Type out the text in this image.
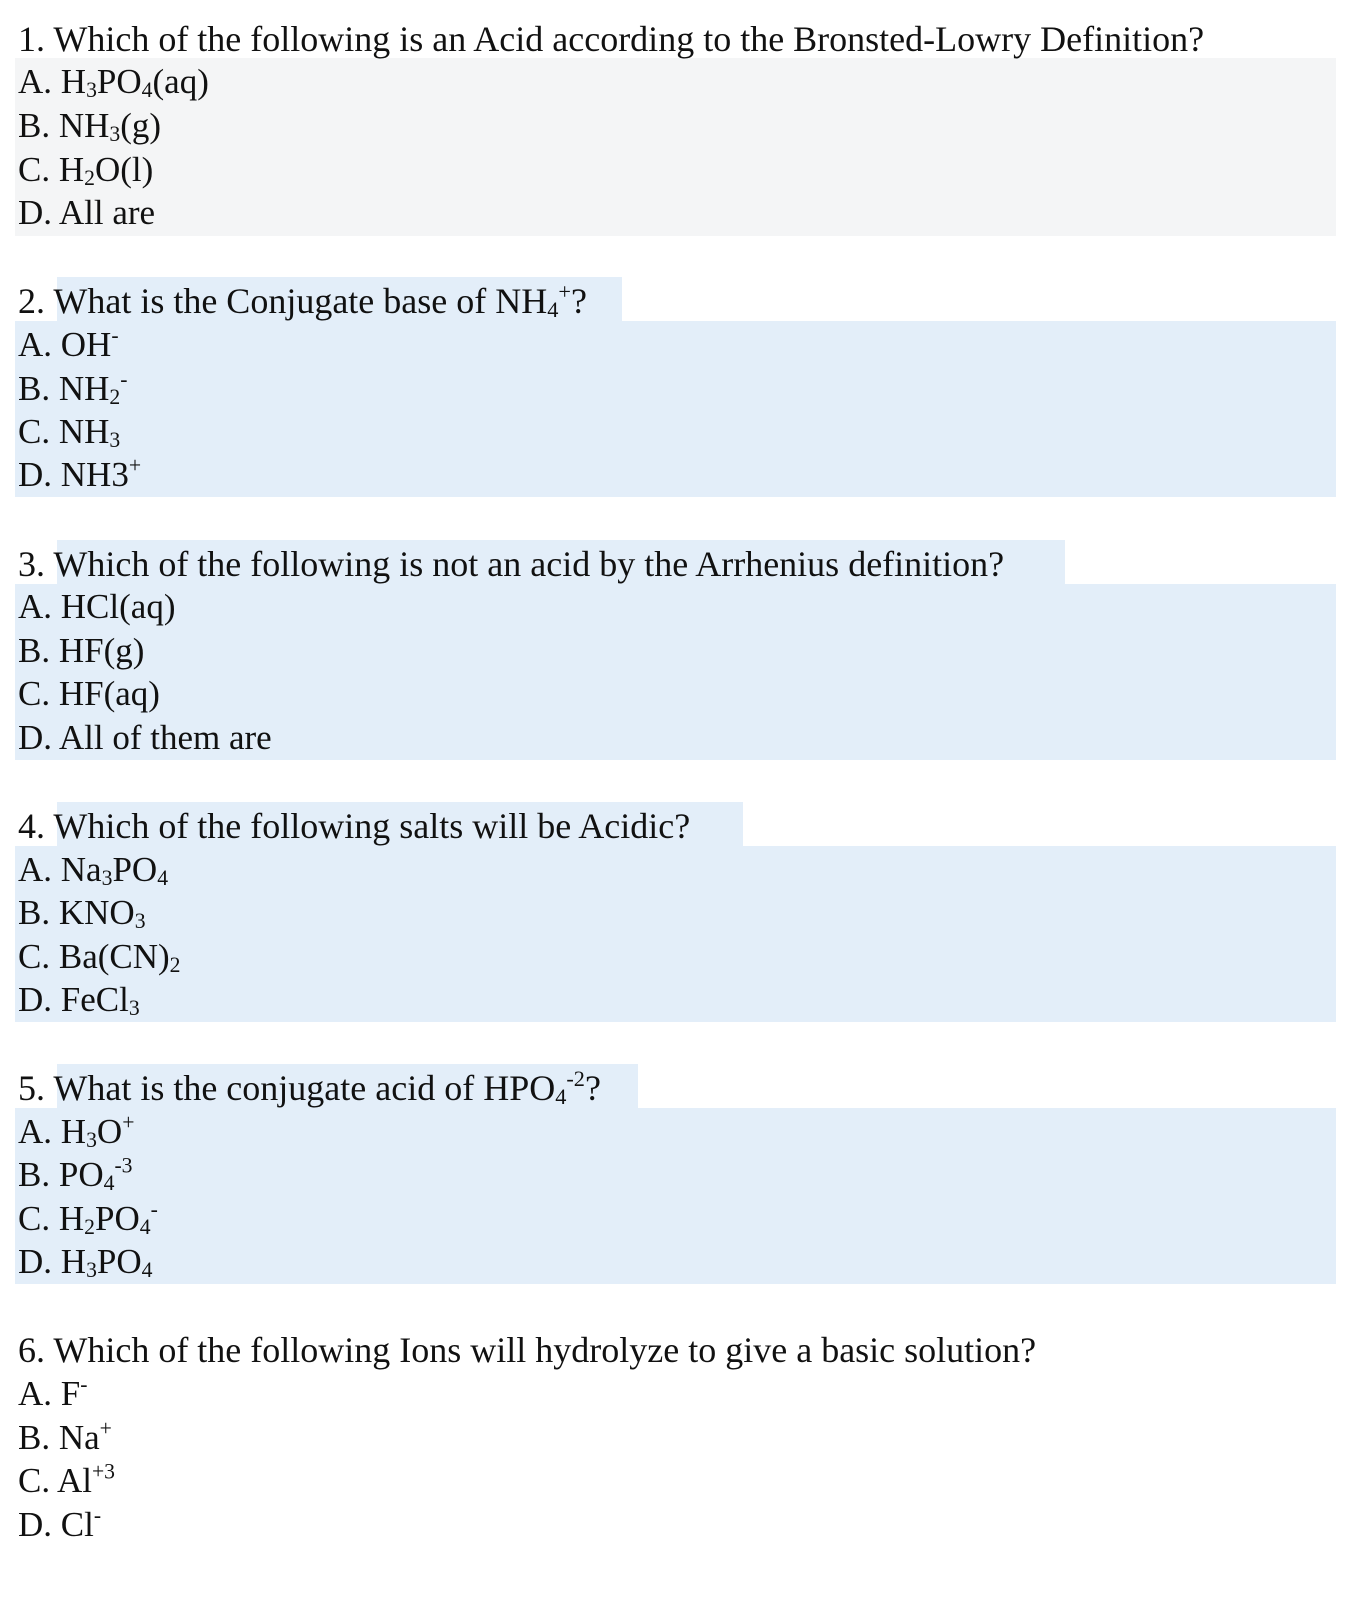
1. Which of the following is an Acid according to the Bronsted-Lowry Definition?
A. $H_3PO_4(aq)$
B. $NH_3(g)$
C. $H_2O(l)$
D. All are
2. What is the Conjugate base of $NH_4^+$?
A. OH-
B. $NH_2^-$
C. $NH_3$
D. NH3+
3. Which of the following is not an acid by the Arrhenius definition?
A. HCl(aq)
B. HF(g)
C. HF(aq)
D. All of them are
4. Which of the following salts will be Acidic?
A. $Na_3PO_4$
B. $KNO_3$
C. $Ba(CN)_2$
D. FeCl$_3$
5. What is the conjugate acid of $HPO_4^{-2}$?
A. $H_3O^+$
B. $PO_4^{-3}$
C. $H_2PO_4^-$
D. $H_3PO_4$
6. Which of the following Ions will hydrolyze to give a basic solution?
A. F-
B. Na+
C. $Al^{+3}$
D. Cl-
